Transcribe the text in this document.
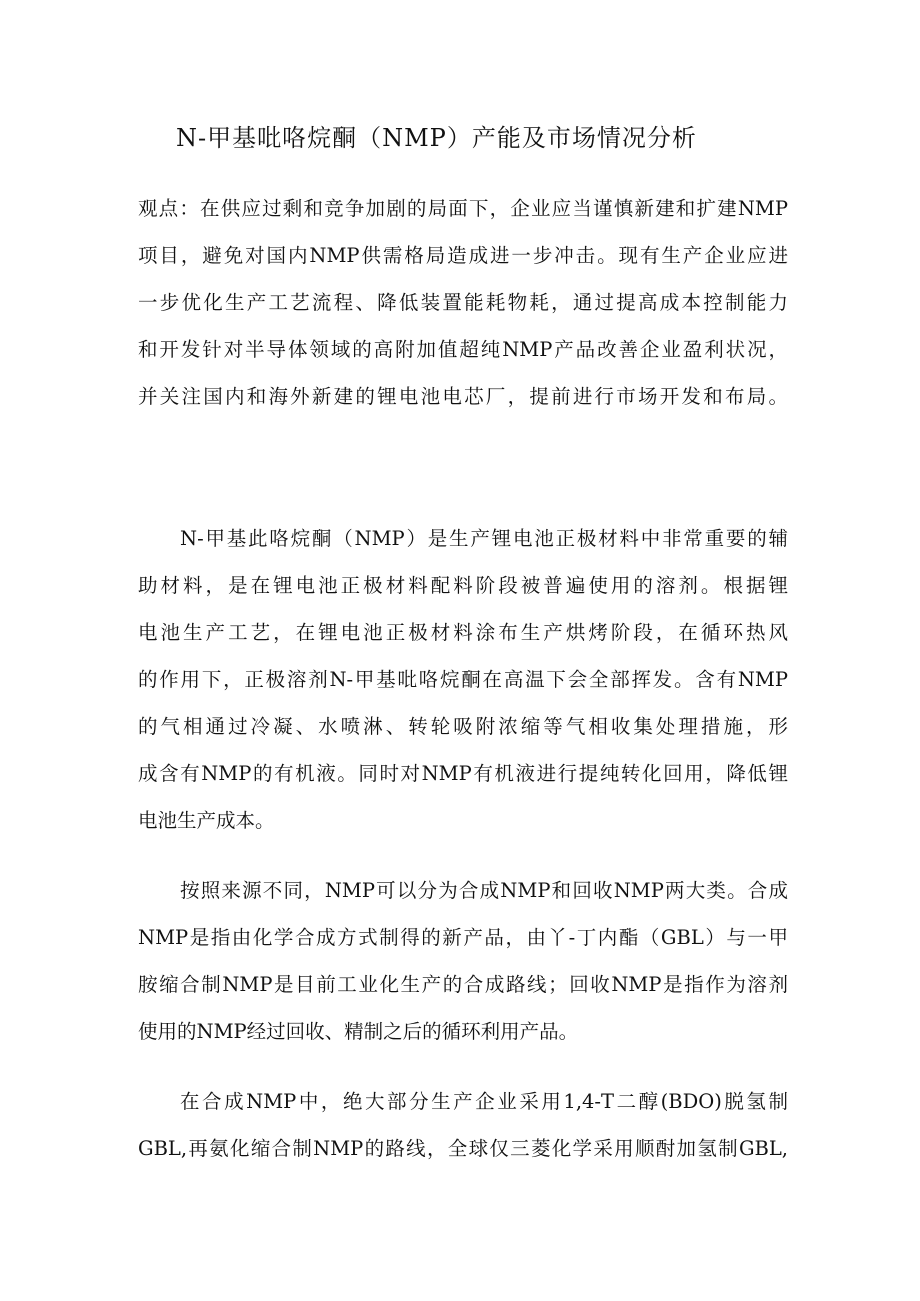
N-甲基吡咯烷酮（NMP）产能及市场情况分析
观点：在供应过剩和竞争加剧的局面下，企业应当谨慎新建和扩建NMP
项目，避免对国内NMP供需格局造成进一步冲击。现有生产企业应进
一步优化生产工艺流程、降低装置能耗物耗，通过提高成本控制能力
和开发针对半导体领域的高附加值超纯NMP产品改善企业盈利状况，
并关注国内和海外新建的锂电池电芯厂，提前进行市场开发和布局。
N-甲基此咯烷酮（NMP）是生产锂电池正极材料中非常重要的辅
助材料，是在锂电池正极材料配料阶段被普遍使用的溶剂。根据锂
电池生产工艺，在锂电池正极材料涂布生产烘烤阶段，在循环热风
的作用下，正极溶剂N-甲基吡咯烷酮在高温下会全部挥发。含有NMP
的气相通过冷凝、水喷淋、转轮吸附浓缩等气相收集处理措施，形
成含有NMP的有机液。同时对NMP有机液进行提纯转化回用，降低锂
电池生产成本。
按照来源不同，NMP可以分为合成NMP和回收NMP两大类。合成
NMP是指由化学合成方式制得的新产品，由丫-丁内酯（GBL）与一甲
胺缩合制NMP是目前工业化生产的合成路线；回收NMP是指作为溶剂
使用的NMP经过回收、精制之后的循环利用产品。
在合成NMP中，绝大部分生产企业采用1,4-T二醇(BDO)脱氢制
GBL,再氨化缩合制NMP的路线，全球仅三菱化学采用顺酎加氢制GBL,
